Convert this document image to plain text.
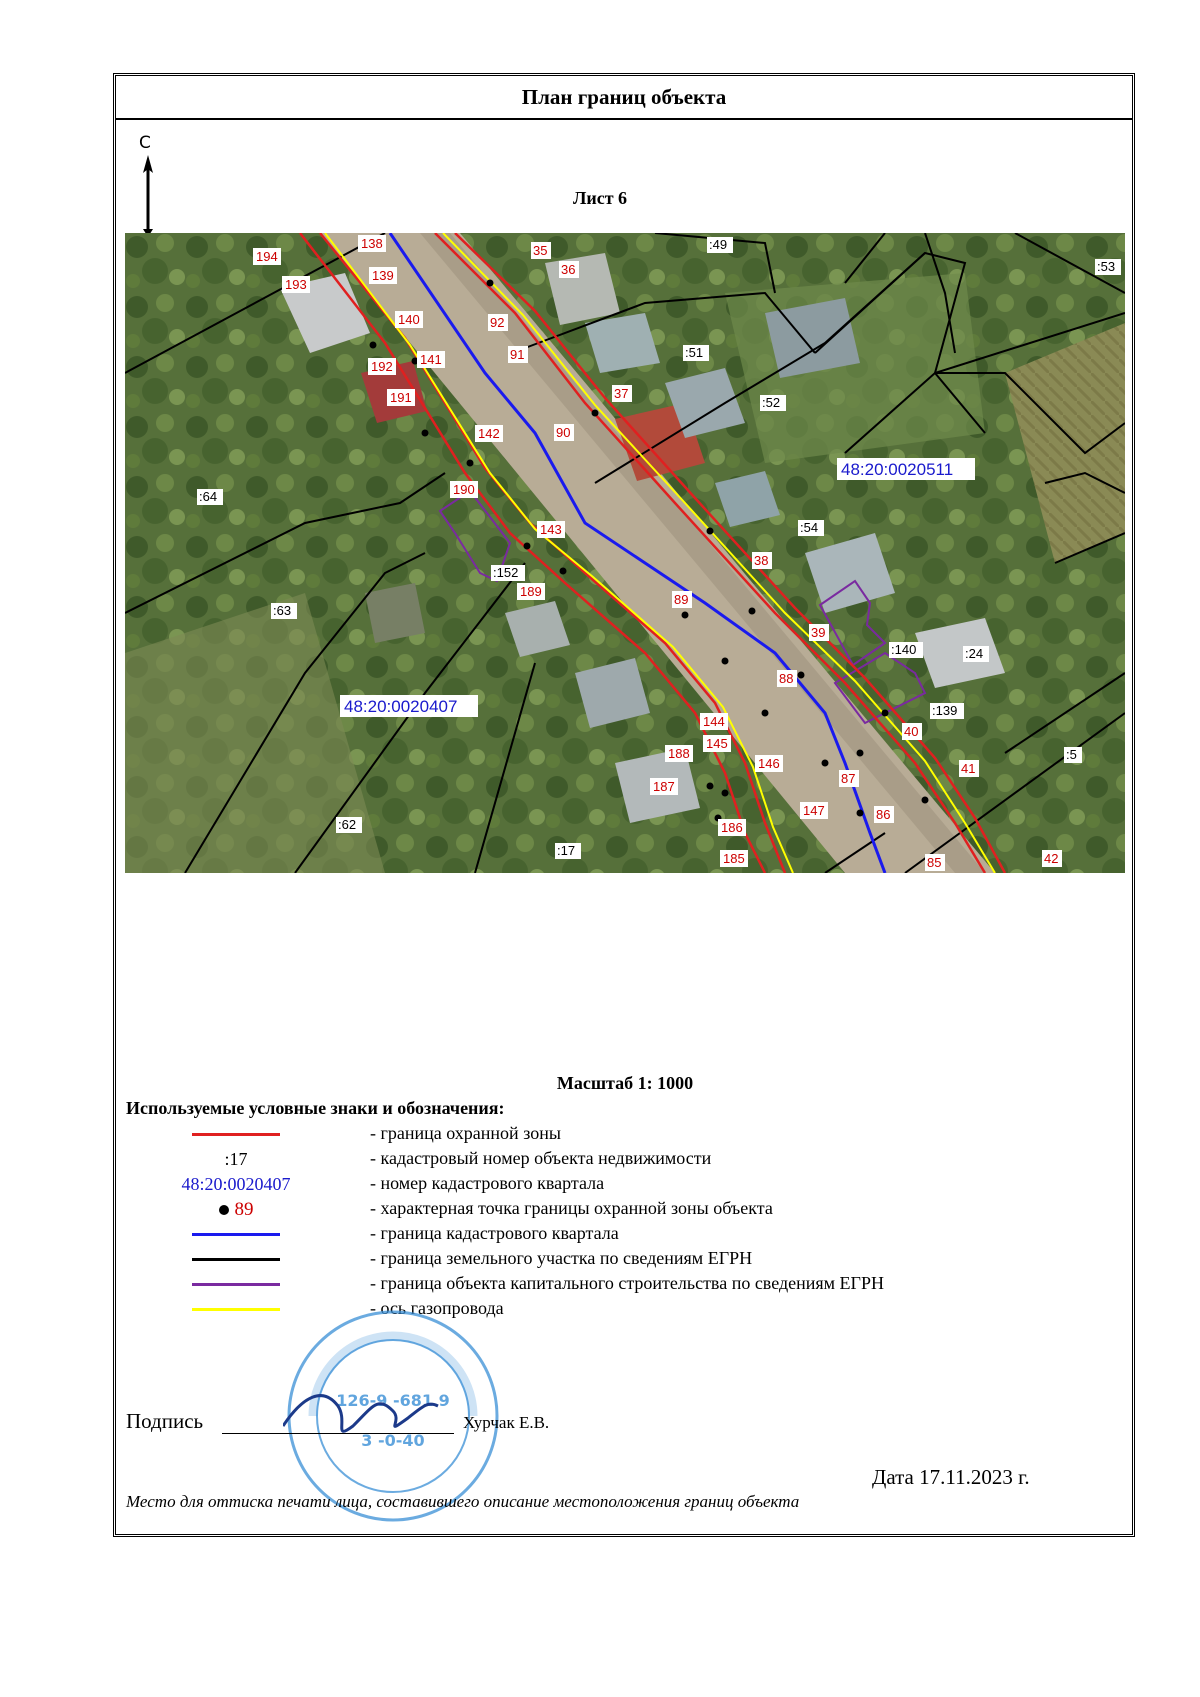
План границ объекта
С
Лист 6
138
139
140
141
142
143
144
145
146
147
185
186
187
188
189
190
191
192
193
194	35
36
37
38
39
40
41
42
85
86
87
88
89
90
91
92
:49
:53
:51
:52
:54
:64
:63
:62
:17
:5
:24
:140
:139
:152
48:20:0020511
48:20:0020407
Масштаб 1: 1000
Используемые условные знаки и обозначения:
- граница охранной зоны
:17	- кадастровый номер объекта недвижимости
48:20:0020407	- номер кадастрового квартала
89	- характерная точка границы охранной зоны объекта
- граница кадастрового квартала
- граница земельного участка по сведениям ЕГРН
- граница объекта капитального строительства по сведениям ЕГРН
- ось газопровода
126-9 -681 9
3 -0-40
Подпись	Хурчак Е.В.
Дата 17.11.2023 г.
Место для оттиска печати лица, составившего описание местоположения границ объекта
